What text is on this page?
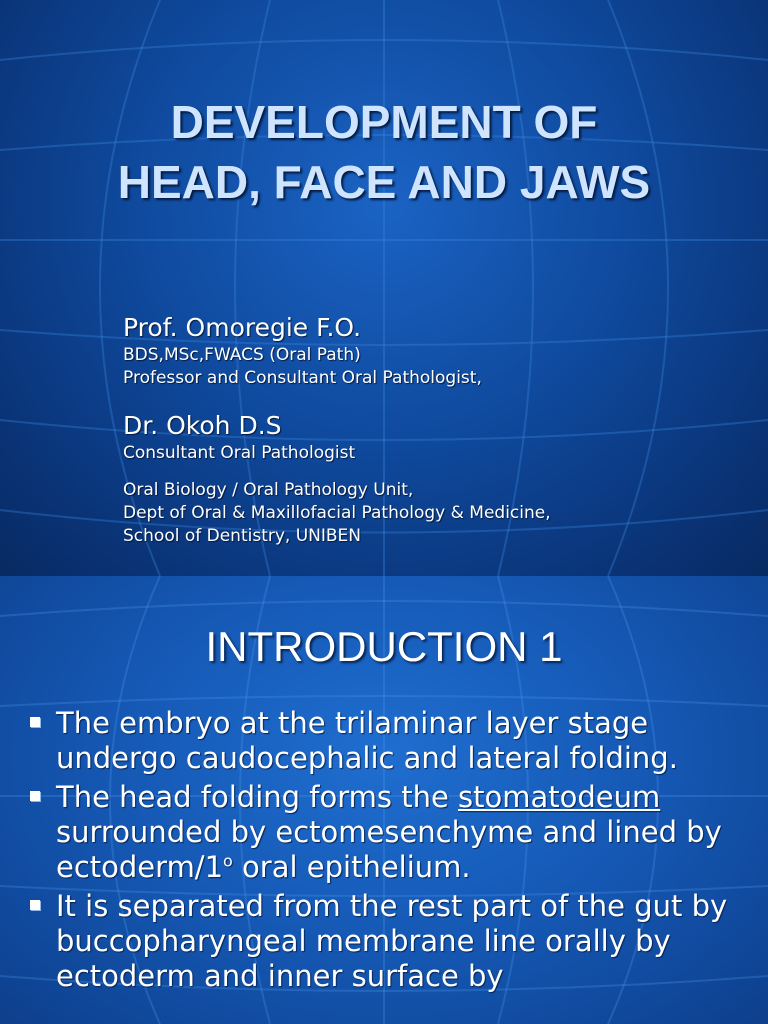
DEVELOPMENT OF
HEAD, FACE AND JAWS
Prof. Omoregie F.O.
BDS,MSc,FWACS (Oral Path)
Professor and Consultant Oral Pathologist,
Dr. Okoh D.S
Consultant Oral Pathologist
Oral Biology / Oral Pathology Unit,
Dept of Oral & Maxillofacial Pathology & Medicine,
School of Dentistry, UNIBEN
INTRODUCTION 1
The embryo at the trilaminar layer stage undergo caudocephalic and lateral folding.
The head folding forms the stomatodeum surrounded by ectomesenchyme and lined by ectoderm/1$^o$ oral epithelium.
It is separated from the rest part of the gut by buccopharyngeal membrane line orally by ectoderm and inner surface by
